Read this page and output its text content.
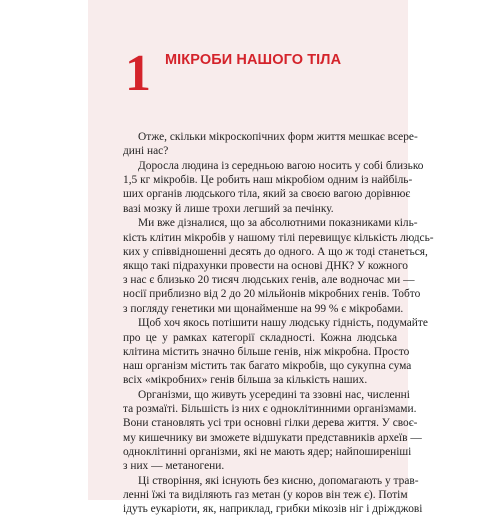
1 МІКРОБИ НАШОГО ТІЛА
Отже, скільки мікроскопічних форм життя мешкає всере-
дині нас?
Доросла людина із середньою вагою носить у собі близько
1,5 кг мікробів. Це робить наш мікробіом одним із найбіль-
ших органів людського тіла, який за своєю вагою дорівнює
вазі мозку й лише трохи легший за печінку.
Ми вже дізналися, що за абсолютними показниками кіль-
кість клітин мікробів у нашому тілі перевищує кількість людсь-
ких у співвідношенні десять до одного. А що ж тоді станеться,
якщо такі підрахунки провести на основі ДНК? У кожного
з нас є близько 20 тисяч людських генів, але водночас ми —
носії приблизно від 2 до 20 мільйонів мікробних генів. Тобто
з погляду генетики ми щонайменше на 99 % є мікробами.
Щоб хоч якось потішити нашу людську гідність, подумайте
про це у рамках категорії складності. Кожна людська
клітина містить значно більше генів, ніж мікробна. Просто
наш організм містить так багато мікробів, що сукупна сума
всіх «мікробних» генів більша за кількість наших.
Організми, що живуть усередині та ззовні нас, численні
та розмаїті. Більшість із них є одноклітинними організмами.
Вони становлять усі три основні гілки дерева життя. У своє-
му кишечнику ви зможете відшукати представників археїв —
одноклітинні організми, які не мають ядер; найпоширеніші
з них — метаногени.
Ці створіння, які існують без кисню, допомагають у трав-
ленні їжі та виділяють газ метан (у коров він теж є). Потім
ідуть еукаріоти, як, наприклад, грибки мікозів ніг і дріжджові
